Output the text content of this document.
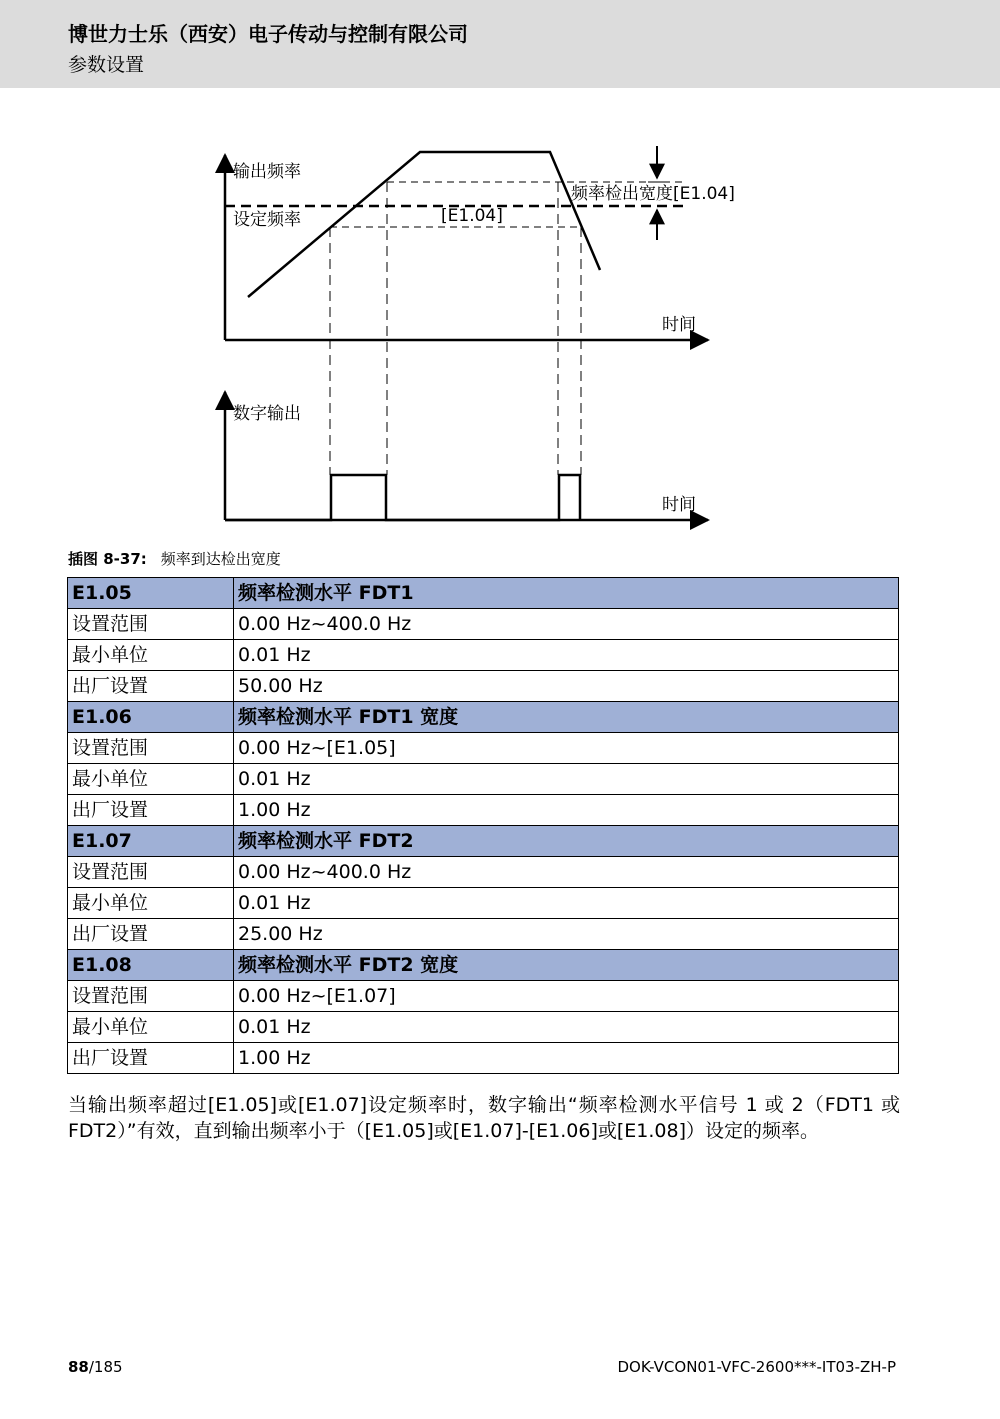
博世力士乐（西安）电子传动与控制有限公司
参数设置
输出频率
设定频率
频率检出宽度[E1.04]
[E1.04]
时间
数字输出
时间
插图 8-37: 频率到达检出宽度
E1.05	频率检测水平 FDT1
设置范围	0.00 Hz~400.0 Hz
最小单位	0.01 Hz
出厂设置	50.00 Hz
E1.06	频率检测水平 FDT1 宽度
设置范围	0.00 Hz~[E1.05]
最小单位	0.01 Hz
出厂设置	1.00 Hz
E1.07	频率检测水平 FDT2
设置范围	0.00 Hz~400.0 Hz
最小单位	0.01 Hz
出厂设置	25.00 Hz
E1.08	频率检测水平 FDT2 宽度
设置范围	0.00 Hz~[E1.07]
最小单位	0.01 Hz
出厂设置	1.00 Hz
当输出频率超过[E1.05]或[E1.07]设定频率时，数字输出“频率检测水平信号 1 或 2（FDT1 或 FDT2）”有效，直到输出频率小于（[E1.05]或[E1.07]-[E1.06]或[E1.08]）设定的频率。
88/185	DOK-VCON01-VFC-2600***-IT03-ZH-P
